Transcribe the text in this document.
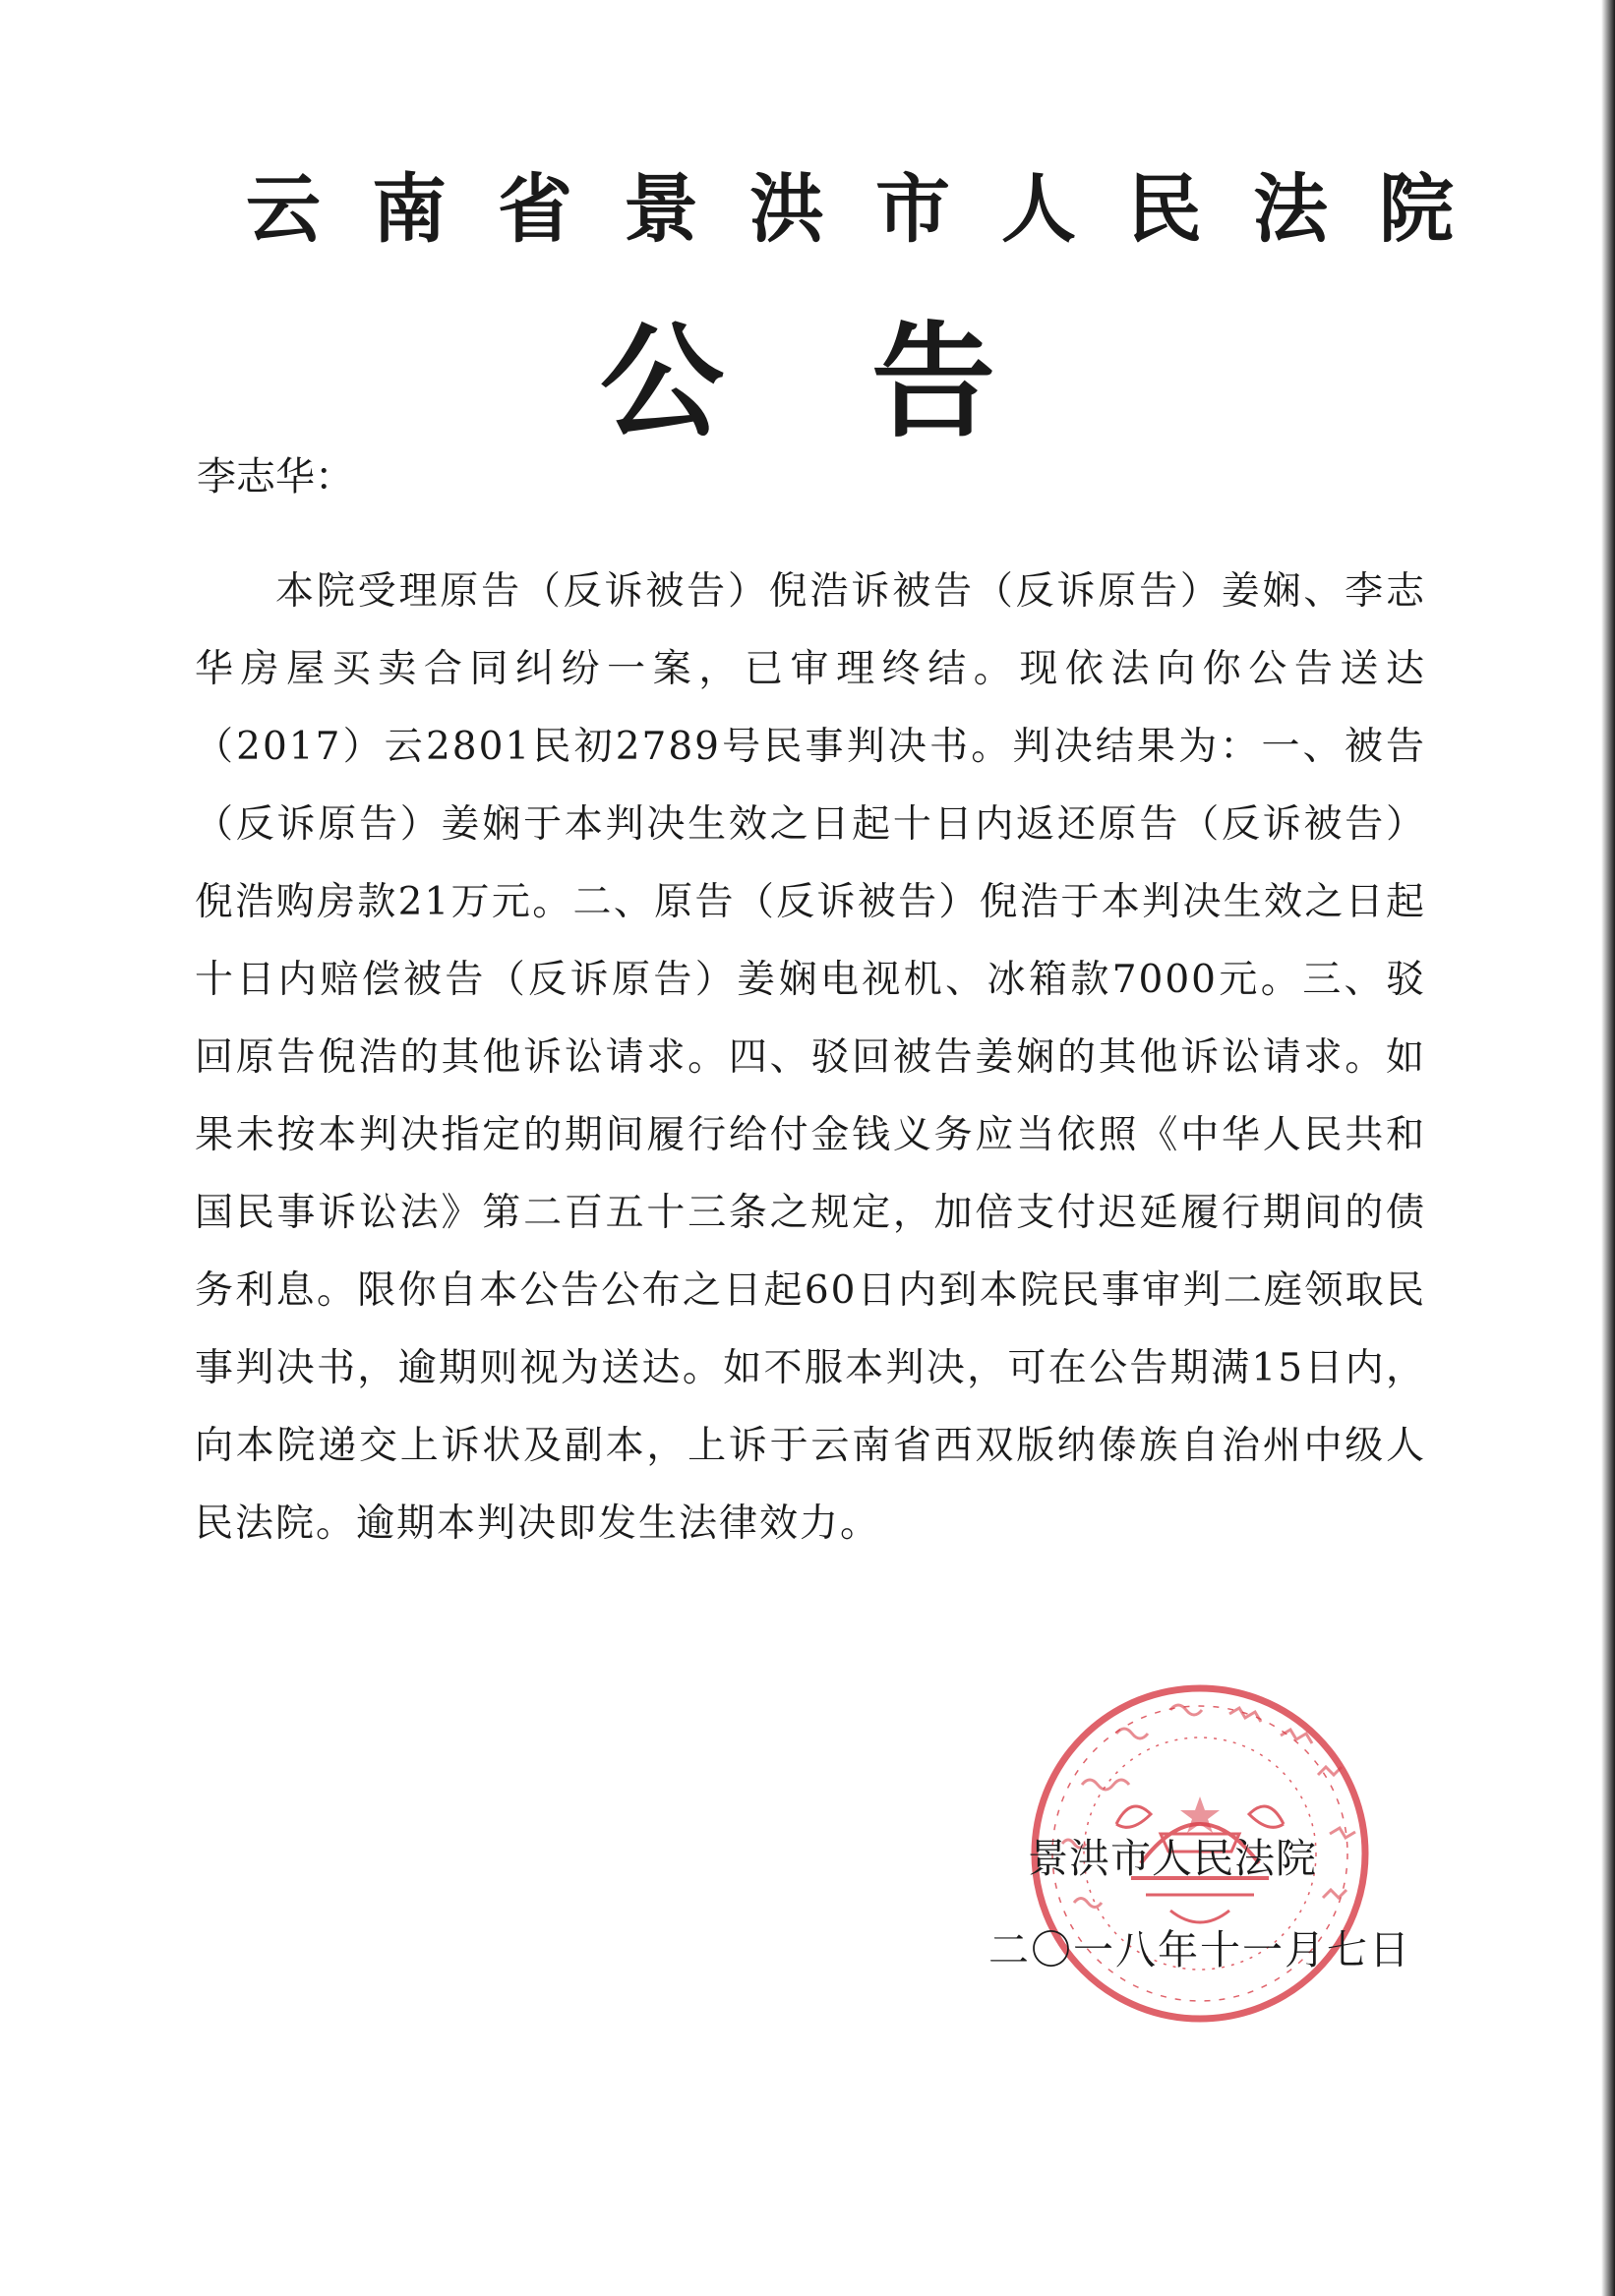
云南省景洪市人民法院
公告
李志华：

本院受理原告（反诉被告）倪浩诉被告（反诉原告）姜娴、李志华房屋买卖合同纠纷一案，已审理终结。现依法向你公告送达（2017）云2801民初2789号民事判决书。判决结果为：一、被告（反诉原告）姜娴于本判决生效之日起十日内返还原告（反诉被告）倪浩购房款21万元。二、原告（反诉被告）倪浩于本判决生效之日起十日内赔偿被告（反诉原告）姜娴电视机、冰箱款7000元。三、驳回原告倪浩的其他诉讼请求。四、驳回被告姜娴的其他诉讼请求。如果未按本判决指定的期间履行给付金钱义务应当依照《中华人民共和国民事诉讼法》第二百五十三条之规定，加倍支付迟延履行期间的债务利息。限你自本公告公布之日起60日内到本院民事审判二庭领取民事判决书，逾期则视为送达。如不服本判决，可在公告期满15日内，向本院递交上诉状及副本，上诉于云南省西双版纳傣族自治州中级人民法院。逾期本判决即发生法律效力。

景洪市人民法院
二〇一八年十一月七日
